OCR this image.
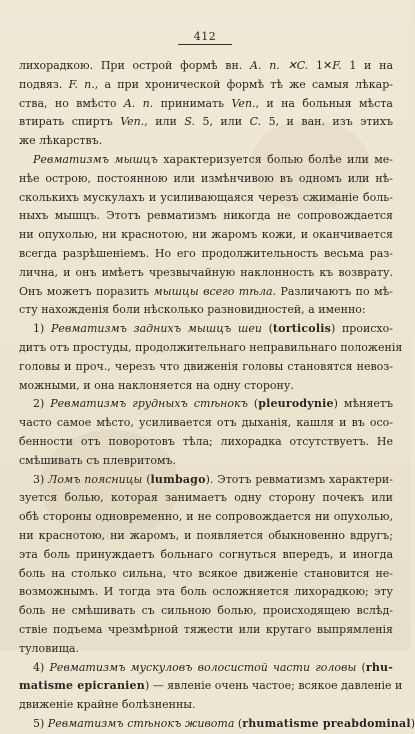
412
лихорадкою. При острой формѣ вн. A. n. ✕C. 1✕F. 1 и на
подвяз. F. n., а при хронической формѣ тѣ же самыя лѣкар-
ства, но вмѣсто A. n. принимать Ven., и на больныя мѣста
втирать спиртъ Ven., или S. 5, или C. 5, и ван. изъ этихъ
же лѣкарствъ.
Ревматизмъ мышцъ характеризуется болью болѣе или ме-
нѣе острою, постоянною или измѣнчивою въ одномъ или нѣ-
сколькихъ мускулахъ и усиливающаяся черезъ сжиманіе боль-
ныхъ мышцъ. Этотъ ревматизмъ никогда не сопровождается
ни опухолью, ни краснотою, ни жаромъ кожи, и оканчивается
всегда разрѣшеніемъ. Но его продолжительность весьма раз-
лична, и онъ имѣетъ чрезвычайную наклонность къ возврату.
Онъ можетъ поразить мышцы всего тѣла. Различаютъ по мѣ-
сту нахожденія боли нѣсколько разновидностей, а именно:
1) Ревматизмъ заднихъ мышцъ шеи (torticolis) происхо-
дитъ отъ простуды, продолжительнаго неправильнаго положенія
головы и проч., черезъ что движенія головы становятся невоз-
можными, и она наклоняется на одну сторону.
2) Ревматизмъ грудныхъ стѣнокъ (pleurodynie) мѣняетъ
часто самое мѣсто, усиливается отъ дыханія, кашля и въ осо-
бенности отъ поворотовъ тѣла; лихорадка отсутствуетъ. Не
смѣшивать съ плевритомъ.
3) Ломъ поясницы (lumbago). Этотъ ревматизмъ характери-
зуется болью, которая занимаетъ одну сторону почекъ или
обѣ стороны одновременно, и не сопровождается ни опухолью,
ни краснотою, ни жаромъ, и появляется обыкновенно вдругъ;
эта боль принуждаетъ больнаго согнуться впередъ, и иногда
боль на столько сильна, что всякое движеніе становится не-
возможнымъ. И тогда эта боль осложняется лихорадкою; эту
боль не смѣшивать съ сильною болью, происходящею вслѣд-
ствіе подъема чрезмѣрной тяжести или крутаго выпрямленія
туловища.
4) Ревматизмъ мускуловъ волосистой части головы (rhu-
matisme epicranien) — явленіе очень частое; всякое давленіе и
движеніе крайне болѣзненны.
5) Ревматизмъ стѣнокъ живота (rhumatisme prеabdominal)
